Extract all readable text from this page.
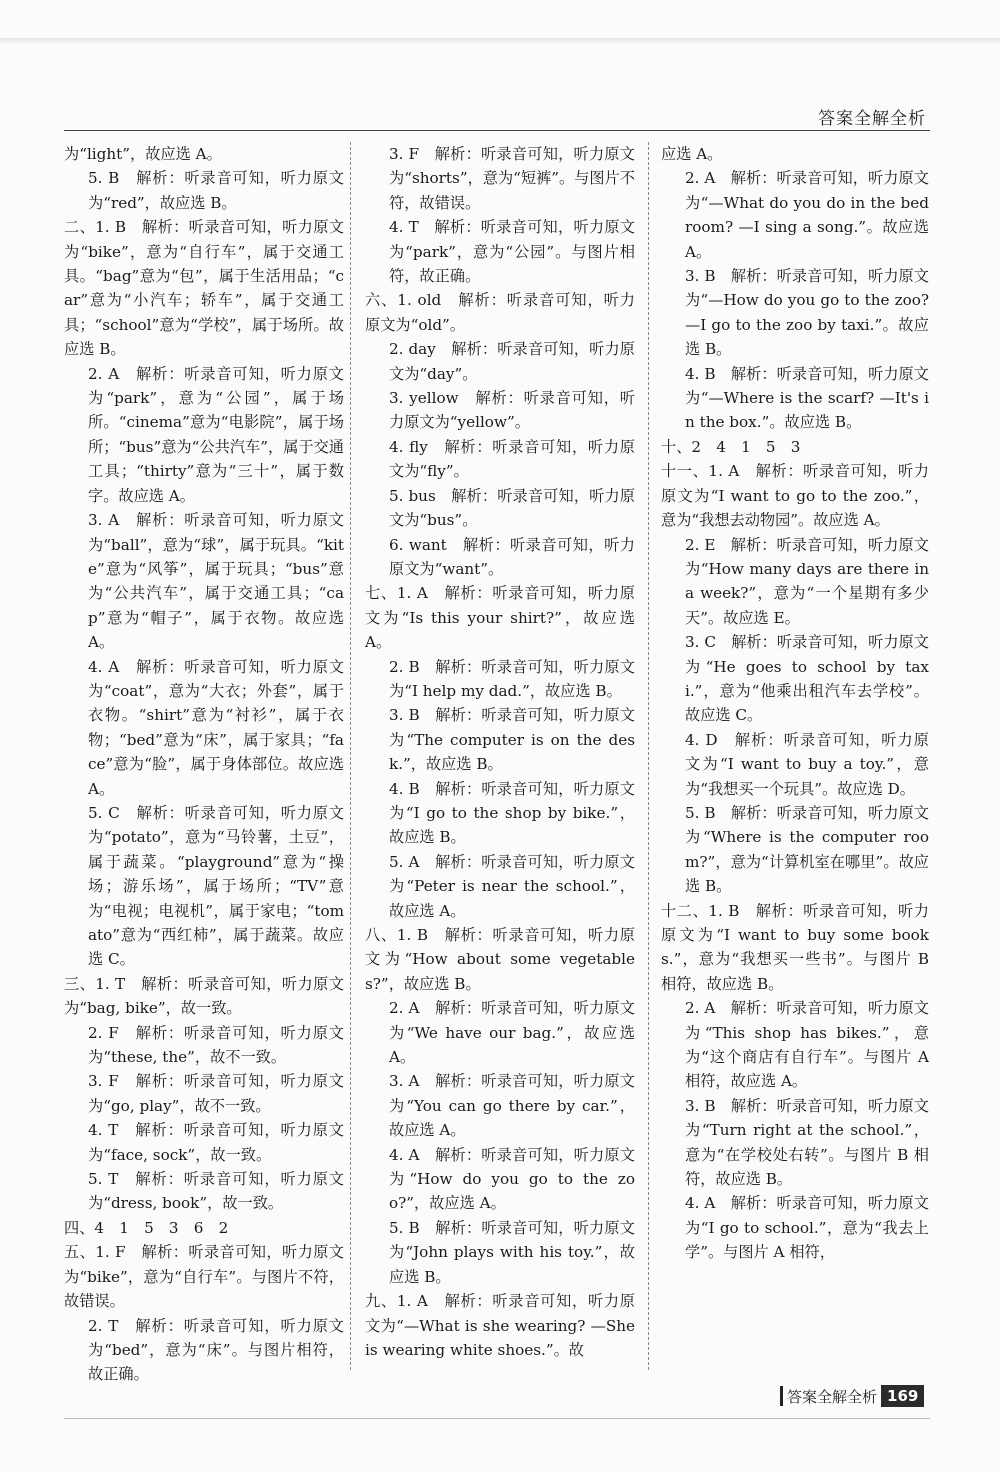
答案全解全析
为“light”，故应选 A。
5. B　解析：听录音可知，听力原文为“red”，故应选 B。
二、1. B　解析：听录音可知，听力原文为“bike”，意为“自行车”，属于交通工具。“bag”意为“包”，属于生活用品；“car”意为“小汽车；轿车”，属于交通工具；“school”意为“学校”，属于场所。故应选 B。
2. A　解析：听录音可知，听力原文为“park”，意为“公园”，属于场所。“cinema”意为“电影院”，属于场所；“bus”意为“公共汽车”，属于交通工具；“thirty”意为“三十”，属于数字。故应选 A。
3. A　解析：听录音可知，听力原文为“ball”，意为“球”，属于玩具。“kite”意为“风筝”，属于玩具；“bus”意为“公共汽车”，属于交通工具；“cap”意为“帽子”，属于衣物。故应选 A。
4. A　解析：听录音可知，听力原文为“coat”，意为“大衣；外套”，属于衣物。“shirt”意为“衬衫”，属于衣物；“bed”意为“床”，属于家具；“face”意为“脸”，属于身体部位。故应选 A。
5. C　解析：听录音可知，听力原文为“potato”，意为“马铃薯，土豆”，属于蔬菜。“playground”意为“操场；游乐场”，属于场所；“TV”意为“电视；电视机”，属于家电；“tomato”意为“西红柿”，属于蔬菜。故应选 C。
三、1. T　解析：听录音可知，听力原文为“bag, bike”，故一致。
2. F　解析：听录音可知，听力原文为“these, the”，故不一致。
3. F　解析：听录音可知，听力原文为“go, play”，故不一致。
4. T　解析：听录音可知，听力原文为“face, sock”，故一致。
5. T　解析：听录音可知，听力原文为“dress, book”，故一致。
四、4　1　5　3　6　2
五、1. F　解析：听录音可知，听力原文为“bike”，意为“自行车”。与图片不符，故错误。
2. T　解析：听录音可知，听力原文为“bed”，意为“床”。与图片相符，故正确。
3. F　解析：听录音可知，听力原文为“shorts”，意为“短裤”。与图片不符，故错误。
4. T　解析：听录音可知，听力原文为“park”，意为“公园”。与图片相符，故正确。
六、1. old　解析：听录音可知，听力原文为“old”。
2. day　解析：听录音可知，听力原文为“day”。
3. yellow　解析：听录音可知，听力原文为“yellow”。
4. fly　解析：听录音可知，听力原文为“fly”。
5. bus　解析：听录音可知，听力原文为“bus”。
6. want　解析：听录音可知，听力原文为“want”。
七、1. A　解析：听录音可知，听力原文为“Is this your shirt?”，故应选 A。
2. B　解析：听录音可知，听力原文为“I help my dad.”，故应选 B。
3. B　解析：听录音可知，听力原文为“The computer is on the desk.”，故应选 B。
4. B　解析：听录音可知，听力原文为“I go to the shop by bike.”，故应选 B。
5. A　解析：听录音可知，听力原文为“Peter is near the school.”，故应选 A。
八、1. B　解析：听录音可知，听力原文为“How about some vegetables?”，故应选 B。
2. A　解析：听录音可知，听力原文为“We have our bag.”，故应选 A。
3. A　解析：听录音可知，听力原文为“You can go there by car.”，故应选 A。
4. A　解析：听录音可知，听力原文为“How do you go to the zoo?”，故应选 A。
5. B　解析：听录音可知，听力原文为“John plays with his toy.”，故应选 B。
九、1. A　解析：听录音可知，听力原文为“—What is she wearing? —She is wearing white shoes.”。故
应选 A。
2. A　解析：听录音可知，听力原文为“—What do you do in the bedroom? —I sing a song.”。故应选 A。
3. B　解析：听录音可知，听力原文为“—How do you go to the zoo? —I go to the zoo by taxi.”。故应选 B。
4. B　解析：听录音可知，听力原文为“—Where is the scarf? —It's in the box.”。故应选 B。
十、2　4　1　5　3
十一、1. A　解析：听录音可知，听力原文为“I want to go to the zoo.”，意为“我想去动物园”。故应选 A。
2. E　解析：听录音可知，听力原文为“How many days are there in a week?”，意为“一个星期有多少天”。故应选 E。
3. C　解析：听录音可知，听力原文为“He goes to school by taxi.”，意为“他乘出租汽车去学校”。故应选 C。
4. D　解析：听录音可知，听力原文为“I want to buy a toy.”，意为“我想买一个玩具”。故应选 D。
5. B　解析：听录音可知，听力原文为“Where is the computer room?”，意为“计算机室在哪里”。故应选 B。
十二、1. B　解析：听录音可知，听力原文为“I want to buy some books.”，意为“我想买一些书”。与图片 B 相符，故应选 B。
2. A　解析：听录音可知，听力原文为“This shop has bikes.”，意为“这个商店有自行车”。与图片 A 相符，故应选 A。
3. B　解析：听录音可知，听力原文为“Turn right at the school.”，意为“在学校处右转”。与图片 B 相符，故应选 B。
4. A　解析：听录音可知，听力原文为“I go to school.”，意为“我去上学”。与图片 A 相符，
答案全解全析 169
